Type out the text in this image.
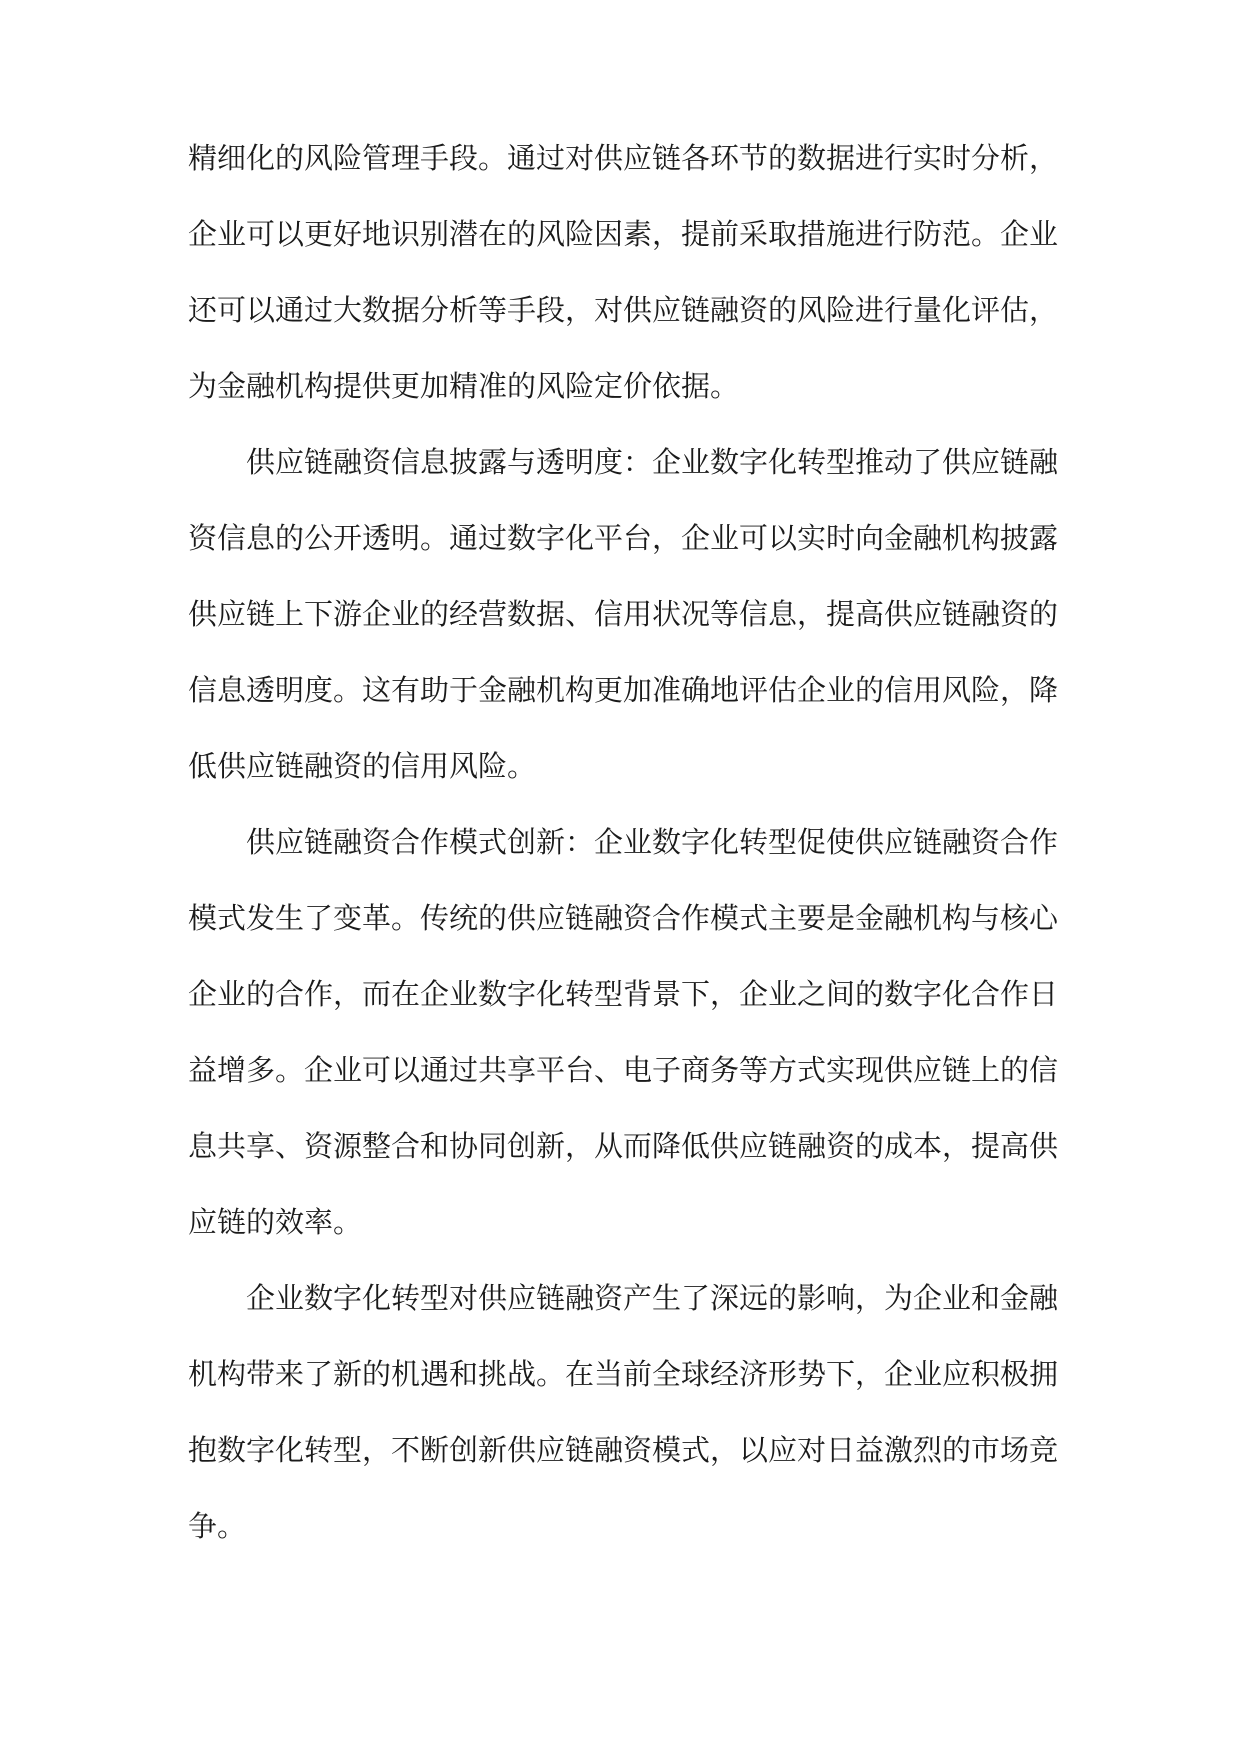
精细化的风险管理手段。通过对供应链各环节的数据进行实时分析，
企业可以更好地识别潜在的风险因素，提前采取措施进行防范。企业
还可以通过大数据分析等手段，对供应链融资的风险进行量化评估，
为金融机构提供更加精准的风险定价依据。
供应链融资信息披露与透明度：企业数字化转型推动了供应链融
资信息的公开透明。通过数字化平台，企业可以实时向金融机构披露
供应链上下游企业的经营数据、信用状况等信息，提高供应链融资的
信息透明度。这有助于金融机构更加准确地评估企业的信用风险，降
低供应链融资的信用风险。
供应链融资合作模式创新：企业数字化转型促使供应链融资合作
模式发生了变革。传统的供应链融资合作模式主要是金融机构与核心
企业的合作，而在企业数字化转型背景下，企业之间的数字化合作日
益增多。企业可以通过共享平台、电子商务等方式实现供应链上的信
息共享、资源整合和协同创新，从而降低供应链融资的成本，提高供
应链的效率。
企业数字化转型对供应链融资产生了深远的影响，为企业和金融
机构带来了新的机遇和挑战。在当前全球经济形势下，企业应积极拥
抱数字化转型，不断创新供应链融资模式，以应对日益激烈的市场竞
争。
